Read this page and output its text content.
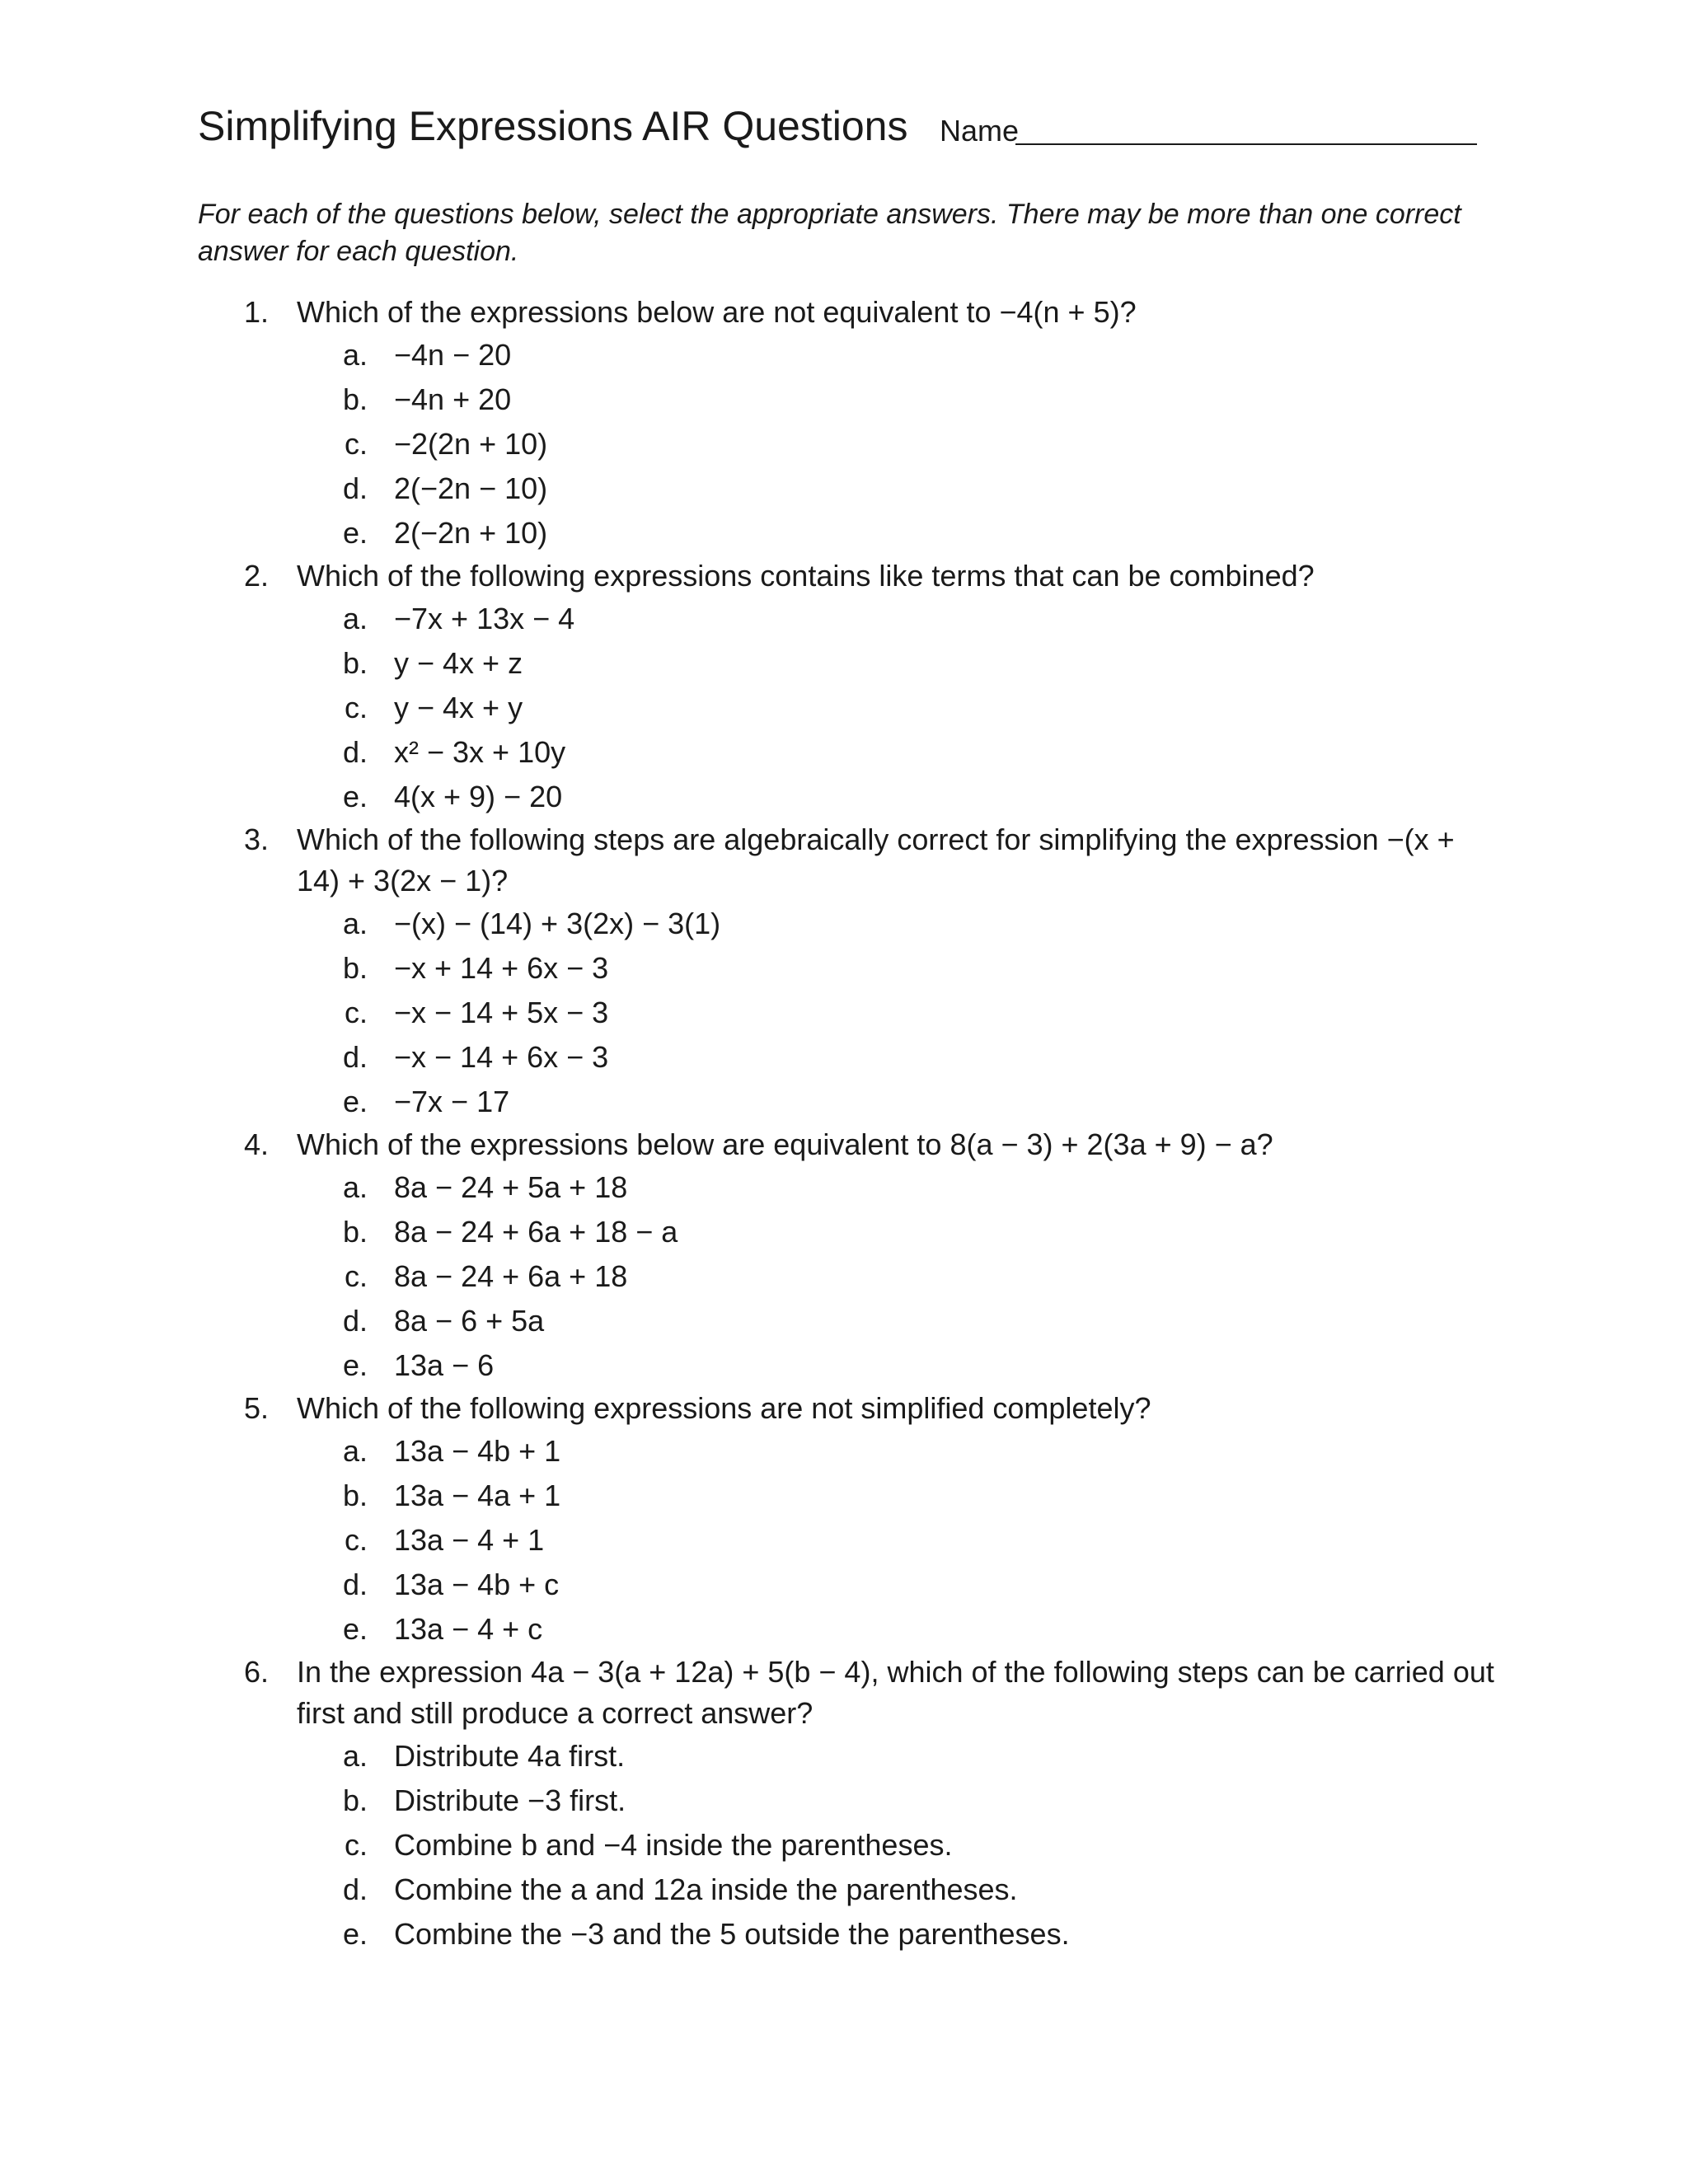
Simplifying Expressions AIR Questions Name
For each of the questions below, select the appropriate answers. There may be more than one correct answer for each question.
1. Which of the expressions below are not equivalent to −4(n + 5)?
a. −4n − 20
b. −4n + 20
c. −2(2n + 10)
d. 2(−2n − 10)
e. 2(−2n + 10)
2. Which of the following expressions contains like terms that can be combined?
a. −7x + 13x − 4
b. y − 4x + z
c. y − 4x + y
d. x² − 3x + 10y
e. 4(x + 9) − 20
3. Which of the following steps are algebraically correct for simplifying the expression −(x + 14) + 3(2x − 1)?
a. −(x) − (14) + 3(2x) − 3(1)
b. −x + 14 + 6x − 3
c. −x − 14 + 5x − 3
d. −x − 14 + 6x − 3
e. −7x − 17
4. Which of the expressions below are equivalent to 8(a − 3) + 2(3a + 9) − a?
a. 8a − 24 + 5a + 18
b. 8a − 24 + 6a + 18 − a
c. 8a − 24 + 6a + 18
d. 8a − 6 + 5a
e. 13a − 6
5. Which of the following expressions are not simplified completely?
a. 13a − 4b + 1
b. 13a − 4a + 1
c. 13a − 4 + 1
d. 13a − 4b + c
e. 13a − 4 + c
6. In the expression 4a − 3(a + 12a) + 5(b − 4), which of the following steps can be carried out first and still produce a correct answer?
a. Distribute 4a first.
b. Distribute −3 first.
c. Combine b and −4 inside the parentheses.
d. Combine the a and 12a inside the parentheses.
e. Combine the −3 and the 5 outside the parentheses.
